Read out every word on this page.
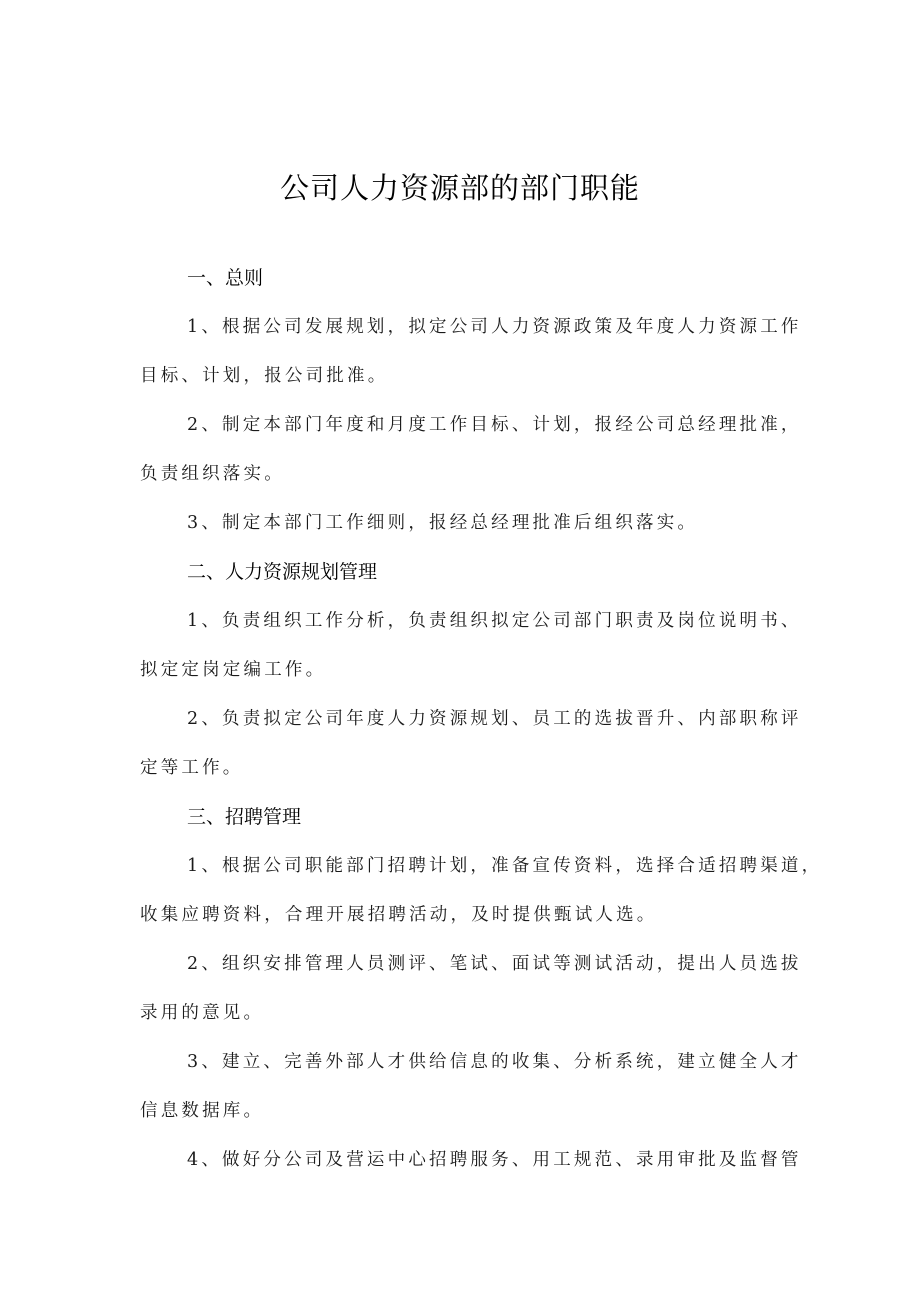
公司人力资源部的部门职能
一、总则
1、根据公司发展规划，拟定公司人力资源政策及年度人力资源工作
目标、计划，报公司批准。
2、制定本部门年度和月度工作目标、计划，报经公司总经理批准，
负责组织落实。
3、制定本部门工作细则，报经总经理批准后组织落实。
二、人力资源规划管理
1、负责组织工作分析，负责组织拟定公司部门职责及岗位说明书、
拟定定岗定编工作。
2、负责拟定公司年度人力资源规划、员工的选拔晋升、内部职称评
定等工作。
三、招聘管理
1、根据公司职能部门招聘计划，准备宣传资料，选择合适招聘渠道，
收集应聘资料，合理开展招聘活动，及时提供甄试人选。
2、组织安排管理人员测评、笔试、面试等测试活动，提出人员选拔
录用的意见。
3、建立、完善外部人才供给信息的收集、分析系统，建立健全人才
信息数据库。
4、做好分公司及营运中心招聘服务、用工规范、录用审批及监督管
